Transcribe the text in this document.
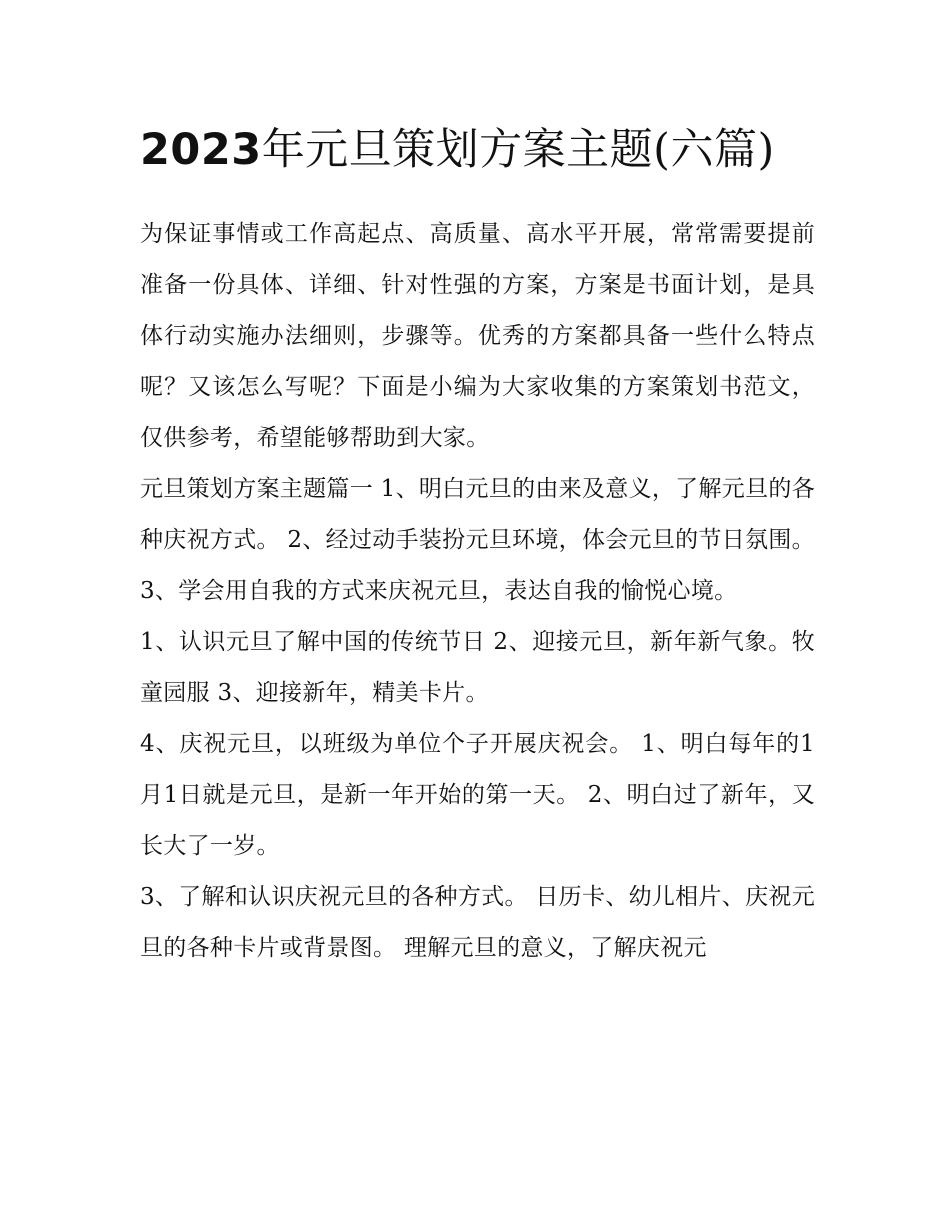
2023年元旦策划方案主题(六篇)

为保证事情或工作高起点、高质量、高水平开展，常常需要提前准备一份具体、详细、针对性强的方案，方案是书面计划，是具体行动实施办法细则，步骤等。优秀的方案都具备一些什么特点呢？又该怎么写呢？下面是小编为大家收集的方案策划书范文，仅供参考，希望能够帮助到大家。

元旦策划方案主题篇一 1、明白元旦的由来及意义，了解元旦的各种庆祝方式。 2、经过动手装扮元旦环境，体会元旦的节日氛围。

3、学会用自我的方式来庆祝元旦，表达自我的愉悦心境。

1、认识元旦了解中国的传统节日 2、迎接元旦，新年新气象。牧童园服 3、迎接新年，精美卡片。

4、庆祝元旦，以班级为单位个子开展庆祝会。 1、明白每年的1月1日就是元旦，是新一年开始的第一天。 2、明白过了新年，又长大了一岁。

3、了解和认识庆祝元旦的各种方式。 日历卡、幼儿相片、庆祝元旦的各种卡片或背景图。 理解元旦的意义，了解庆祝元
